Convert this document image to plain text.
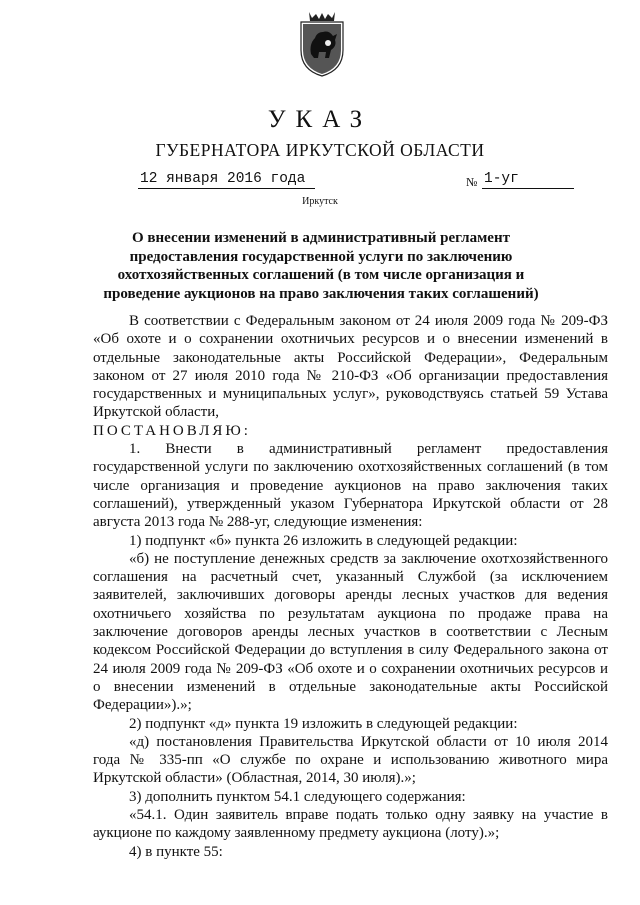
УКАЗ
ГУБЕРНАТОРА ИРКУТСКОЙ ОБЛАСТИ
12 января 2016 года	№ 1-уг
Иркутск
О внесении изменений в административный регламент предоставления государственной услуги по заключению охотхозяйственных соглашений (в том числе организация и проведение аукционов на право заключения таких соглашений)

В соответствии с Федеральным законом от 24 июля 2009 года № 209-ФЗ «Об охоте и о сохранении охотничьих ресурсов и о внесении изменений в отдельные законодательные акты Российской Федерации», Федеральным законом от 27 июля 2010 года № 210-ФЗ «Об организации предоставления государственных и муниципальных услуг», руководствуясь статьей 59 Устава Иркутской области,

ПОСТАНОВЛЯЮ:

1. Внести в административный регламент предоставления государственной услуги по заключению охотхозяйственных соглашений (в том числе организация и проведение аукционов на право заключения таких соглашений), утвержденный указом Губернатора Иркутской области от 28 августа 2013 года № 288-уг, следующие изменения:

1) подпункт «б» пункта 26 изложить в следующей редакции:

«б) не поступление денежных средств за заключение охотхозяйственного соглашения на расчетный счет, указанный Службой (за исключением заявителей, заключивших договоры аренды лесных участков для ведения охотничьего хозяйства по результатам аукциона по продаже права на заключение договоров аренды лесных участков в соответствии с Лесным кодексом Российской Федерации до вступления в силу Федерального закона от 24 июля 2009 года № 209-ФЗ «Об охоте и о сохранении охотничьих ресурсов и о внесении изменений в отдельные законодательные акты Российской Федерации»).»;

2) подпункт «д» пункта 19 изложить в следующей редакции:

«д) постановления Правительства Иркутской области от 10 июля 2014 года № 335-пп «О службе по охране и использованию животного мира Иркутской области» (Областная, 2014, 30 июля).»;

3) дополнить пунктом 54.1 следующего содержания:

«54.1. Один заявитель вправе подать только одну заявку на участие в аукционе по каждому заявленному предмету аукциона (лоту).»;

4) в пункте 55:
